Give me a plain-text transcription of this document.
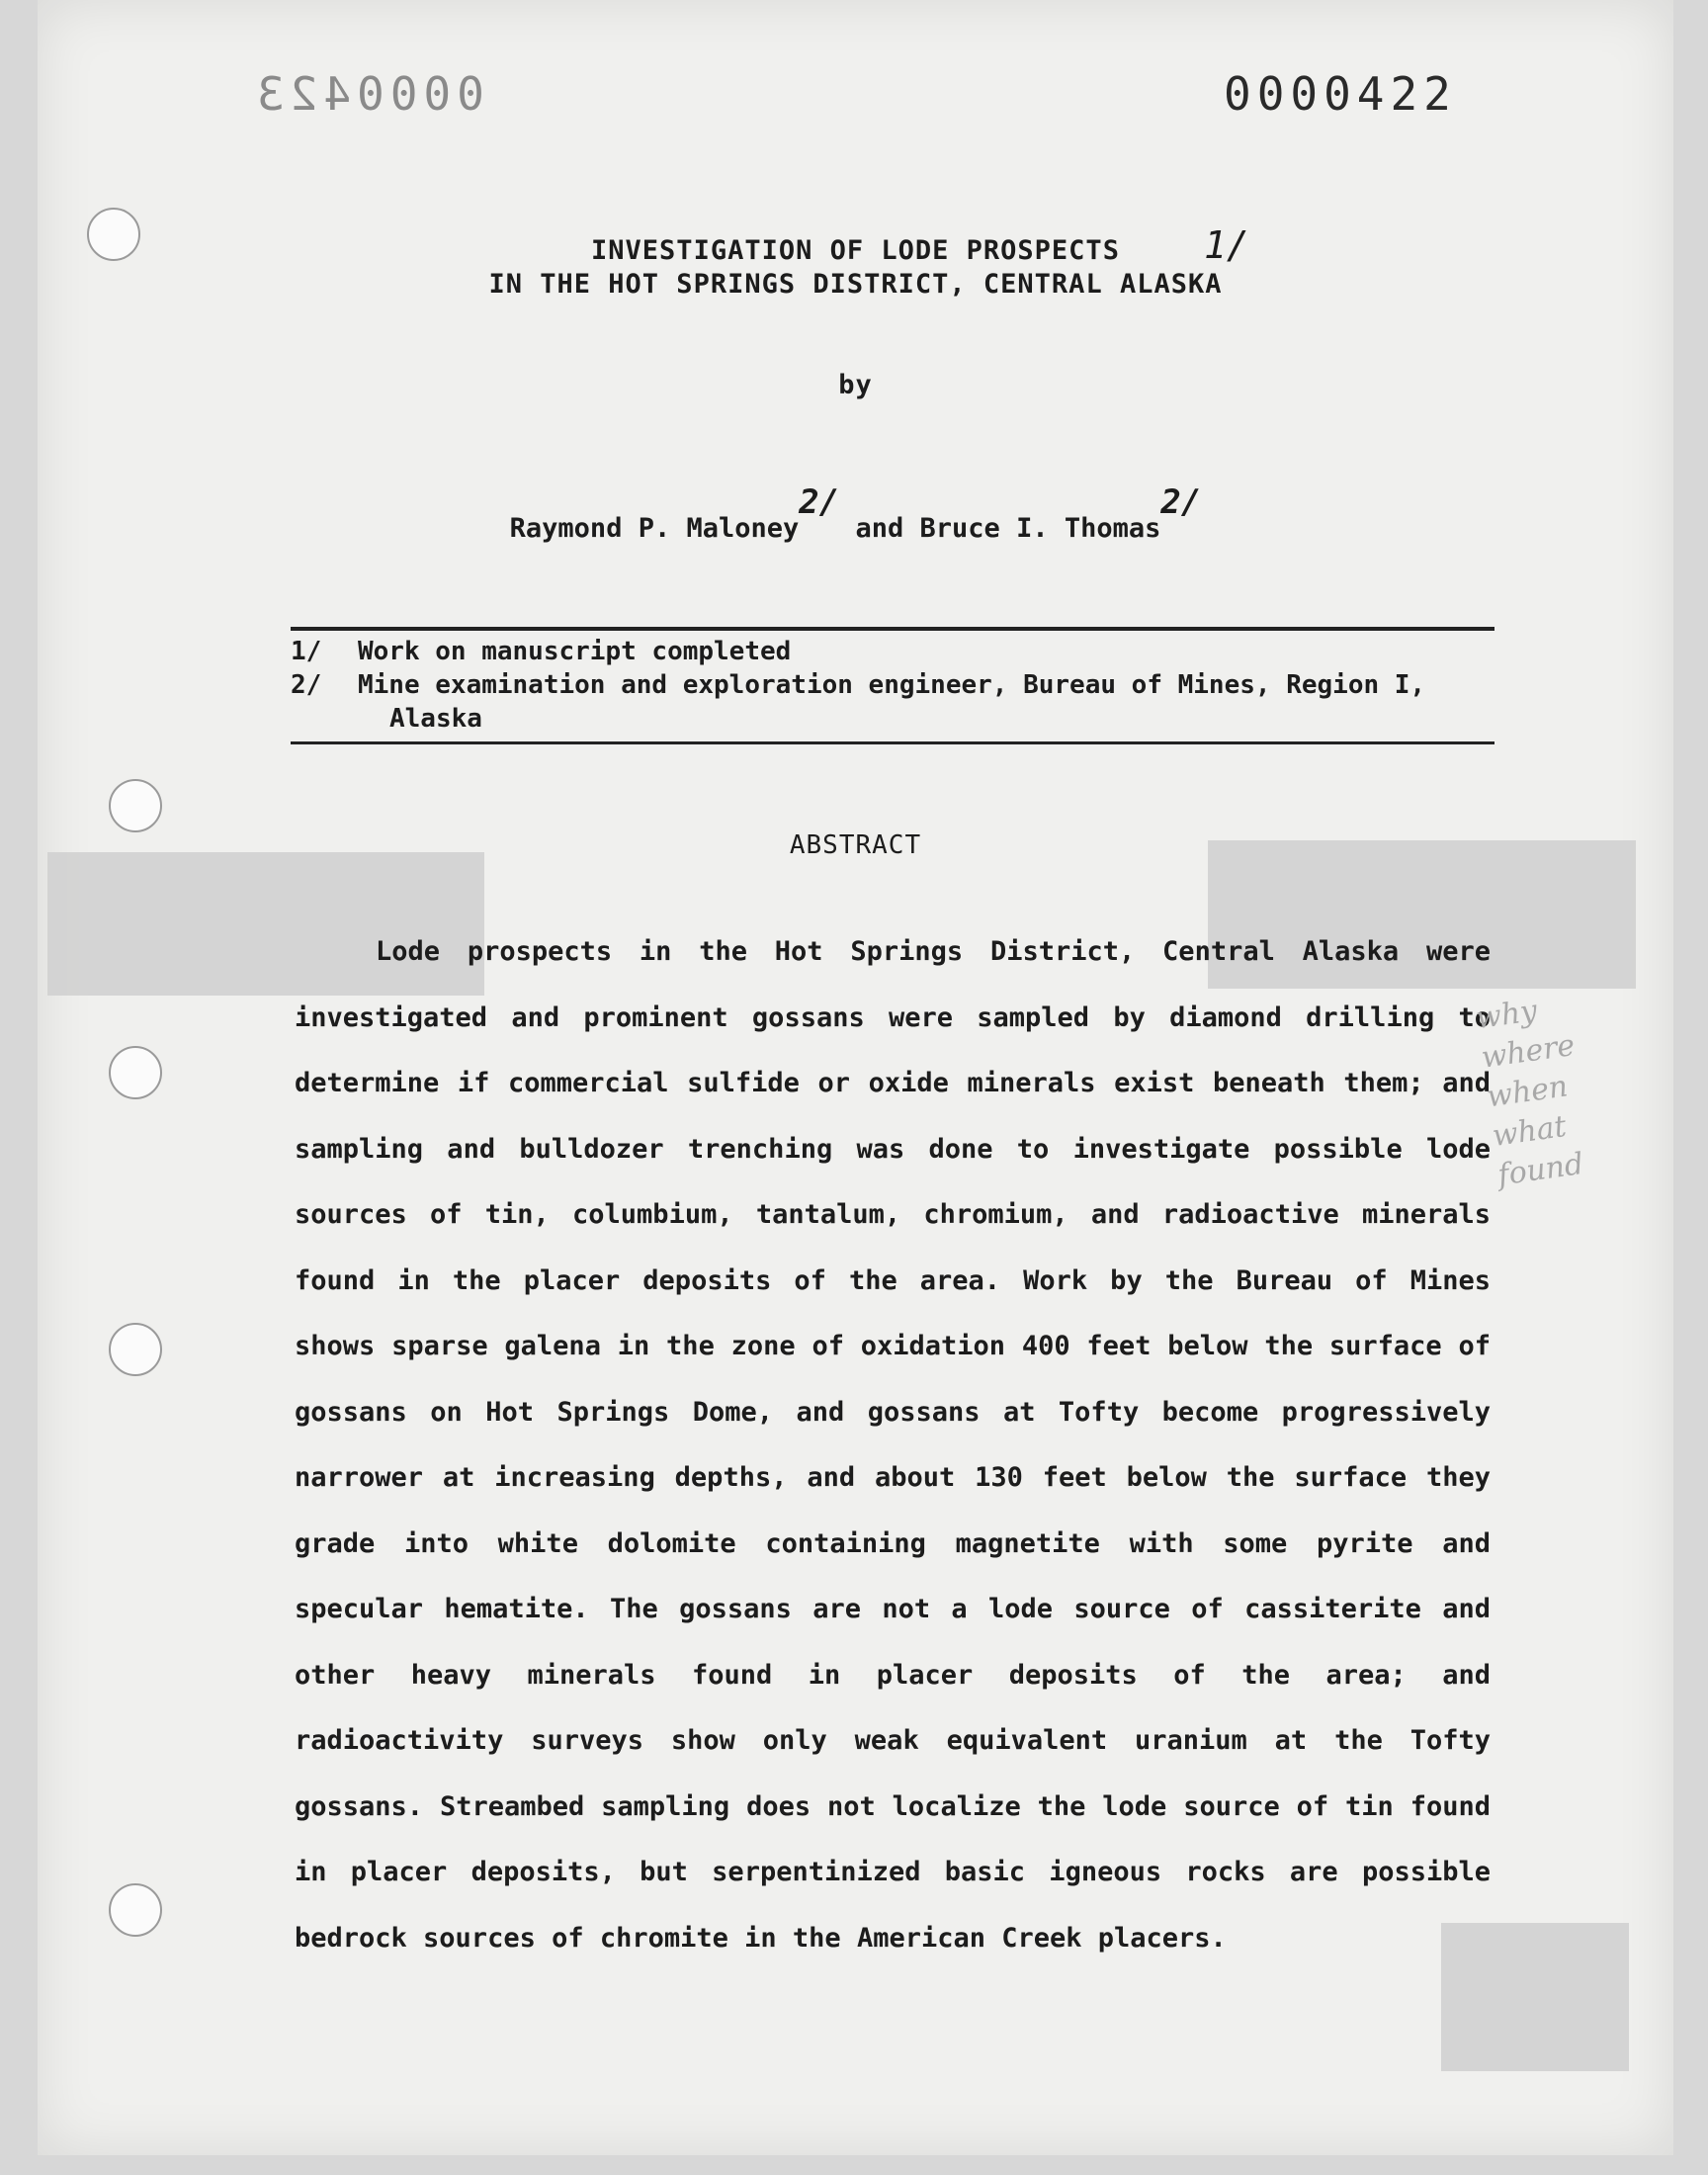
0000423	0000422
INVESTIGATION OF LODE PROSPECTS
IN THE HOT SPRINGS DISTRICT, CENTRAL ALASKA
1/
by
Raymond P. Maloney$^{2/}$ and Bruce I. Thomas$^{2/}$
1/	Work on manuscript completed
2/	Mine examination and exploration engineer, Bureau of Mines, Region I,
Alaska
ABSTRACT

Lode prospects in the Hot Springs District, Central Alaska were investigated and prominent gossans were sampled by diamond drilling to determine if commercial sulfide or oxide minerals exist beneath them; and sampling and bulldozer trenching was done to investigate possible lode sources of tin, columbium, tantalum, chromium, and radioactive minerals found in the placer deposits of the area. Work by the Bureau of Mines shows sparse galena in the zone of oxidation 400 feet below the surface of gossans on Hot Springs Dome, and gossans at Tofty become progressively narrower at increasing depths, and about 130 feet below the surface they grade into white dolomite containing magnetite with some pyrite and specular hematite. The gossans are not a lode source of cassiterite and other heavy minerals found in placer deposits of the area; and radioactivity surveys show only weak equivalent uranium at the Tofty gossans. Streambed sampling does not localize the lode source of tin found in placer deposits, but serpentinized basic igneous rocks are possible bedrock sources of chromite in the American Creek placers.

why where when what found
